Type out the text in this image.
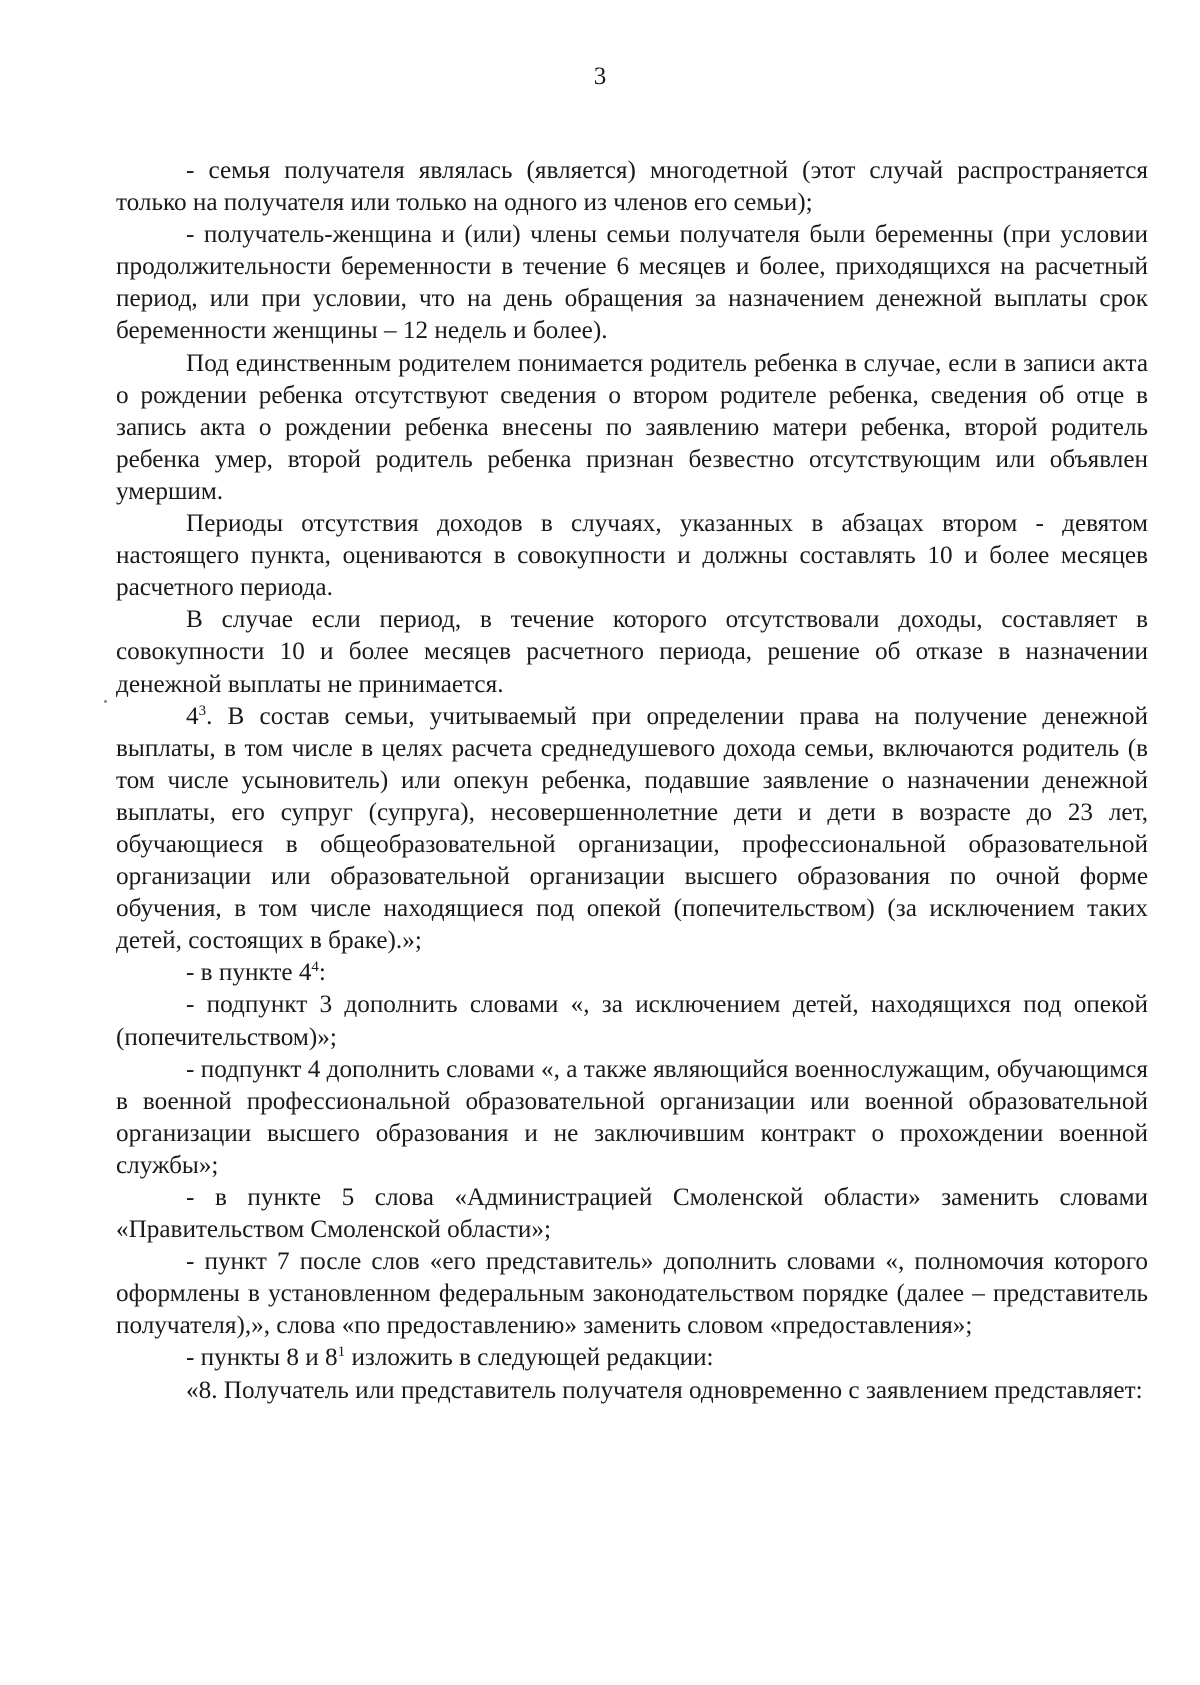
3

- семья получателя являлась (является) многодетной (этот случай распространяется только на получателя или только на одного из членов его семьи);

- получатель-женщина и (или) члены семьи получателя были беременны (при условии продолжительности беременности в течение 6 месяцев и более, приходящихся на расчетный период, или при условии, что на день обращения за назначением денежной выплаты срок беременности женщины – 12 недель и более).

Под единственным родителем понимается родитель ребенка в случае, если в записи акта о рождении ребенка отсутствуют сведения о втором родителе ребенка, сведения об отце в запись акта о рождении ребенка внесены по заявлению матери ребенка, второй родитель ребенка умер, второй родитель ребенка признан безвестно отсутствующим или объявлен умершим.

Периоды отсутствия доходов в случаях, указанных в абзацах втором - девятом настоящего пункта, оцениваются в совокупности и должны составлять 10 и более месяцев расчетного периода.

В случае если период, в течение которого отсутствовали доходы, составляет в совокупности 10 и более месяцев расчетного периода, решение об отказе в назначении денежной выплаты не принимается.

$4^3$. В состав семьи, учитываемый при определении права на получение денежной выплаты, в том числе в целях расчета среднедушевого дохода семьи, включаются родитель (в том числе усыновитель) или опекун ребенка, подавшие заявление о назначении денежной выплаты, его супруг (супруга), несовершеннолетние дети и дети в возрасте до 23 лет, обучающиеся в общеобразовательной организации, профессиональной образовательной организации или образовательной организации высшего образования по очной форме обучения, в том числе находящиеся под опекой (попечительством) (за исключением таких детей, состоящих в браке).»;

- в пункте $4^4$:

- подпункт 3 дополнить словами «, за исключением детей, находящихся под опекой (попечительством)»;

- подпункт 4 дополнить словами «, а также являющийся военнослужащим, обучающимся в военной профессиональной образовательной организации или военной образовательной организации высшего образования и не заключившим контракт о прохождении военной службы»;

- в пункте 5 слова «Администрацией Смоленской области» заменить словами «Правительством Смоленской области»;

- пункт 7 после слов «его представитель» дополнить словами «, полномочия которого оформлены в установленном федеральным законодательством порядке (далее – представитель получателя),», слова «по предоставлению» заменить словом «предоставления»;

- пункты 8 и $8^1$ изложить в следующей редакции:

«8. Получатель или представитель получателя одновременно с заявлением представляет:
